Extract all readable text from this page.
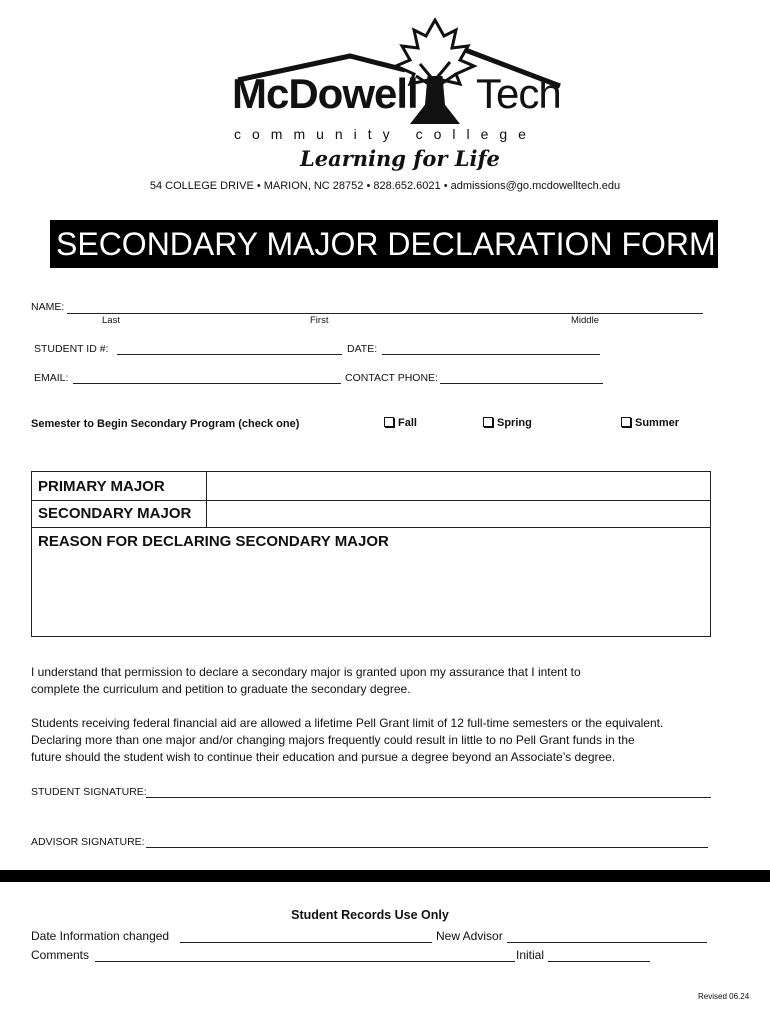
McDowell Tech
community college
Learning for Life
54 COLLEGE DRIVE • MARION, NC 28752 • 828.652.6021 • admissions@go.mcdowelltech.edu
SECONDARY MAJOR DECLARATION FORM
NAME:
Last	First	Middle
STUDENT ID #:	DATE:
EMAIL:	CONTACT PHONE:
Semester to Begin Secondary Program (check one)	Fall	Spring	Summer
PRIMARY MAJOR
SECONDARY MAJOR
REASON FOR DECLARING SECONDARY MAJOR
I understand that permission to declare a secondary major is granted upon my assurance that I intent to
complete the curriculum and petition to graduate the secondary degree.
Students receiving federal financial aid are allowed a lifetime Pell Grant limit of 12 full-time semesters or the equivalent.
Declaring more than one major and/or changing majors frequently could result in little to no Pell Grant funds in the
future should the student wish to continue their education and pursue a degree beyond an Associate’s degree.
STUDENT SIGNATURE:
ADVISOR SIGNATURE:
Student Records Use Only
Date Information changed	New Advisor
Comments	Initial
Revised 06.24
